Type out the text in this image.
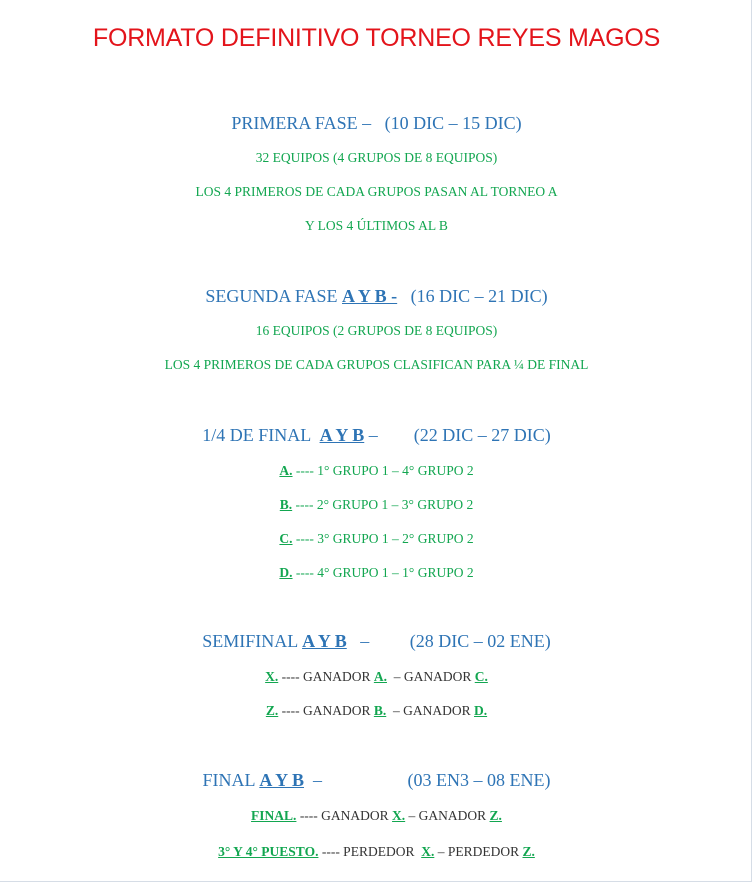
FORMATO DEFINITIVO TORNEO REYES MAGOS
PRIMERA FASE –   (10 DIC – 15 DIC)
32 EQUIPOS (4 GRUPOS DE 8 EQUIPOS)
LOS 4 PRIMEROS DE CADA GRUPOS PASAN AL TORNEO A
Y LOS 4 ÚLTIMOS AL B
SEGUNDA FASE A Y B -   (16 DIC – 21 DIC)
16 EQUIPOS (2 GRUPOS DE 8 EQUIPOS)
LOS 4 PRIMEROS DE CADA GRUPOS CLASIFICAN PARA ¼ DE FINAL
1/4 DE FINAL  A Y B –        (22 DIC – 27 DIC)
A. ---- 1° GRUPO 1 – 4° GRUPO 2
B. ---- 2° GRUPO 1 – 3° GRUPO 2
C. ---- 3° GRUPO 1 – 2° GRUPO 2
D. ---- 4° GRUPO 1 – 1° GRUPO 2
SEMIFINAL A Y B   –         (28 DIC – 02 ENE)
X. ---- GANADOR A.  – GANADOR C.
Z. ---- GANADOR B.  – GANADOR D.
FINAL A Y B  –                   (03 EN3 – 08 ENE)
FINAL. ---- GANADOR X. – GANADOR Z.
3° Y 4° PUESTO. ---- PERDEDOR  X. – PERDEDOR Z.
